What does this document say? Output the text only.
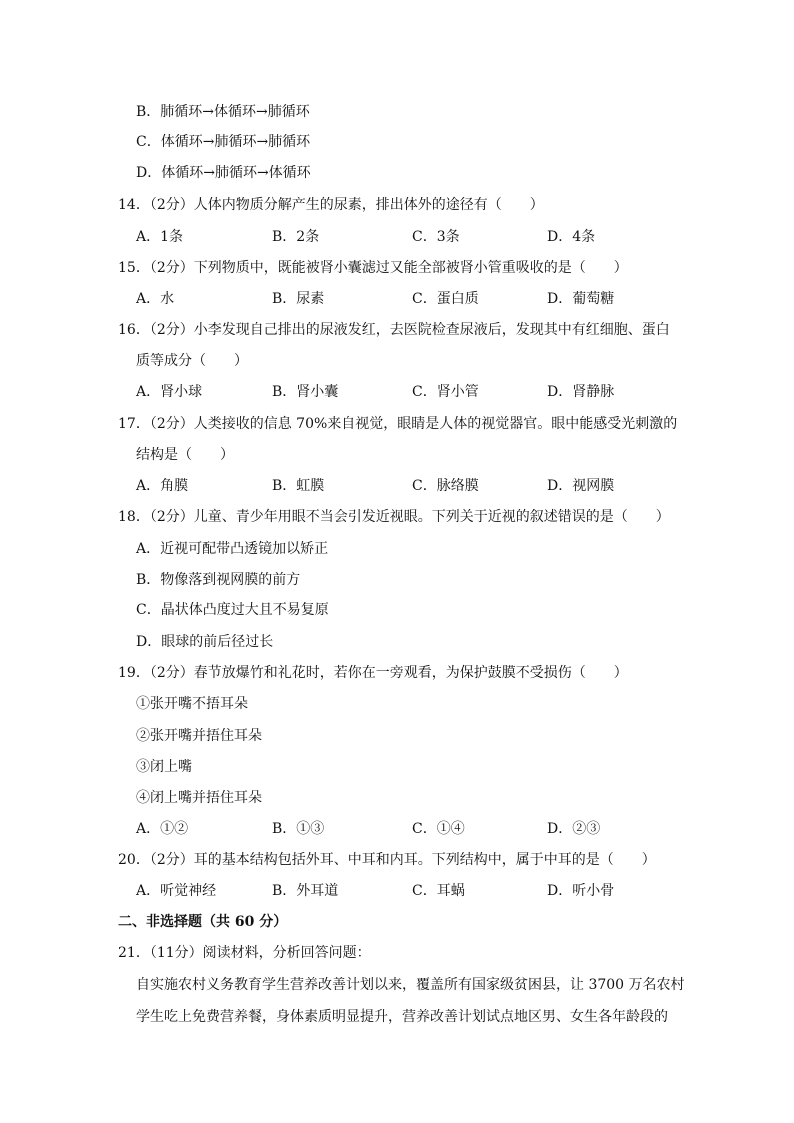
B．肺循环→体循环→肺循环
C．体循环→肺循环→肺循环
D．体循环→肺循环→体循环
14．（2分）人体内物质分解产生的尿素，排出体外的途径有（　　）
A．1条	B．2条	C．3条	D．4条
15．（2分）下列物质中，既能被肾小囊滤过又能全部被肾小管重吸收的是（　　）
A．水	B．尿素	C．蛋白质	D．葡萄糖
16．（2分）小李发现自己排出的尿液发红，去医院检查尿液后，发现其中有红细胞、蛋白
质等成分（　　）
A．肾小球	B．肾小囊	C．肾小管	D．肾静脉
17．（2分）人类接收的信息 70%来自视觉，眼睛是人体的视觉器官。眼中能感受光刺激的
结构是（　　）
A．角膜	B．虹膜	C．脉络膜	D．视网膜
18．（2分）儿童、青少年用眼不当会引发近视眼。下列关于近视的叙述错误的是（　　）
A．近视可配带凸透镜加以矫正
B．物像落到视网膜的前方
C．晶状体凸度过大且不易复原
D．眼球的前后径过长
19．（2分）春节放爆竹和礼花时，若你在一旁观看，为保护鼓膜不受损伤（　　）
①张开嘴不捂耳朵
②张开嘴并捂住耳朵
③闭上嘴
④闭上嘴并捂住耳朵
A．①②	B．①③	C．①④	D．②③
20．（2分）耳的基本结构包括外耳、中耳和内耳。下列结构中，属于中耳的是（　　）
A．听觉神经	B．外耳道	C．耳蜗	D．听小骨
二、非选择题（共 60 分）
21．（11分）阅读材料，分析回答问题：
自实施农村义务教育学生营养改善计划以来，覆盖所有国家级贫困县，让 3700 万名农村
学生吃上免费营养餐，身体素质明显提升，营养改善计划试点地区男、女生各年龄段的
